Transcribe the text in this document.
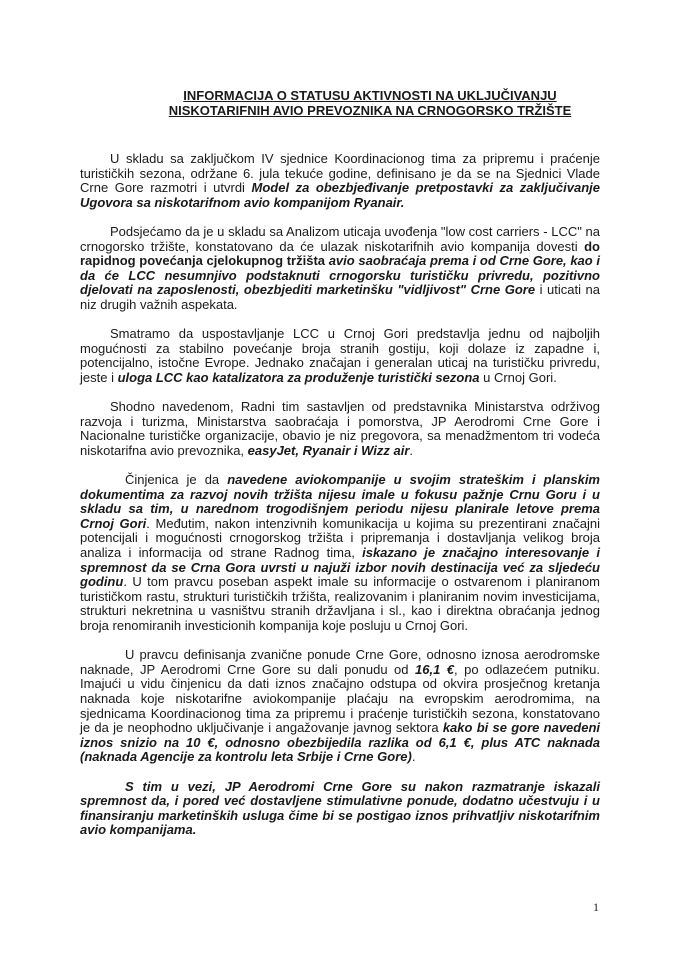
INFORMACIJA O STATUSU AKTIVNOSTI NA UKLJUČIVANJU
NISKOTARIFNIH AVIO PREVOZNIKA NA CRNOGORSKO TRŽIŠTE

U skladu sa zaključkom IV sjednice Koordinacionog tima za pripremu i praćenje turističkih sezona, održane 6. jula tekuće godine, definisano je da se na Sjednici Vlade Crne Gore razmotri i utvrdi Model za obezbjeđivanje pretpostavki za zaključivanje Ugovora sa niskotarifnom avio kompanijom Ryanair.

Podsjećamo da je u skladu sa Analizom uticaja uvođenja "low cost carriers - LCC" na crnogorsko tržište, konstatovano da će ulazak niskotarifnih avio kompanija dovesti do rapidnog povećanja cjelokupnog tržišta avio saobraćaja prema i od Crne Gore, kao i da će LCC nesumnjivo podstaknuti crnogorsku turističku privredu, pozitivno djelovati na zaposlenosti, obezbjediti marketinšku "vidljivost" Crne Gore i uticati na niz drugih važnih aspekata.

Smatramo da uspostavljanje LCC u Crnoj Gori predstavlja jednu od najboljih mogućnosti za stabilno povećanje broja stranih gostiju, koji dolaze iz zapadne i, potencijalno, istočne Evrope. Jednako značajan i generalan uticaj na turističku privredu, jeste i uloga LCC kao katalizatora za produženje turistički sezona u Crnoj Gori.

Shodno navedenom, Radni tim sastavljen od predstavnika Ministarstva održivog razvoja i turizma, Ministarstva saobraćaja i pomorstva, JP Aerodromi Crne Gore i Nacionalne turističke organizacije, obavio je niz pregovora, sa menadžmentom tri vodeća niskotarifna avio prevoznika, easyJet, Ryanair i Wizz air.

Činjenica je da navedene aviokompanije u svojim strateškim i planskim dokumentima za razvoj novih tržišta nijesu imale u fokusu pažnje Crnu Goru i u skladu sa tim, u narednom trogodišnjem periodu nijesu planirale letove prema Crnoj Gori. Međutim, nakon intenzivnih komunikacija u kojima su prezentirani značajni potencijali i mogućnosti crnogorskog tržišta i pripremanja i dostavljanja velikog broja analiza i informacija od strane Radnog tima, iskazano je značajno interesovanje i spremnost da se Crna Gora uvrsti u najuži izbor novih destinacija već za sljedeću godinu. U tom pravcu poseban aspekt imale su informacije o ostvarenom i planiranom turističkom rastu, strukturi turističkih tržišta, realizovanim i planiranim novim investicijama, strukturi nekretnina u vasništvu stranih državljana i sl., kao i direktna obraćanja jednog broja renomiranih investicionih kompanija koje posluju u Crnoj Gori.

U pravcu definisanja zvanične ponude Crne Gore, odnosno iznosa aerodromske naknade, JP Aerodromi Crne Gore su dali ponudu od 16,1 €, po odlazećem putniku. Imajući u vidu činjenicu da dati iznos značajno odstupa od okvira prosječnog kretanja naknada koje niskotarifne aviokompanije plaćaju na evropskim aerodromima, na sjednicama Koordinacionog tima za pripremu i praćenje turističkih sezona, konstatovano je da je neophodno uključivanje i angažovanje javnog sektora kako bi se gore navedeni iznos snizio na 10 €, odnosno obezbijedila razlika od 6,1 €, plus ATC naknada (naknada Agencije za kontrolu leta Srbije i Crne Gore).

S tim u vezi, JP Aerodromi Crne Gore su nakon razmatranje iskazali spremnost da, i pored već dostavljene stimulativne ponude, dodatno učestvuju i u finansiranju marketinških usluga čime bi se postigao iznos prihvatljiv niskotarifnim avio kompanijama.

1
